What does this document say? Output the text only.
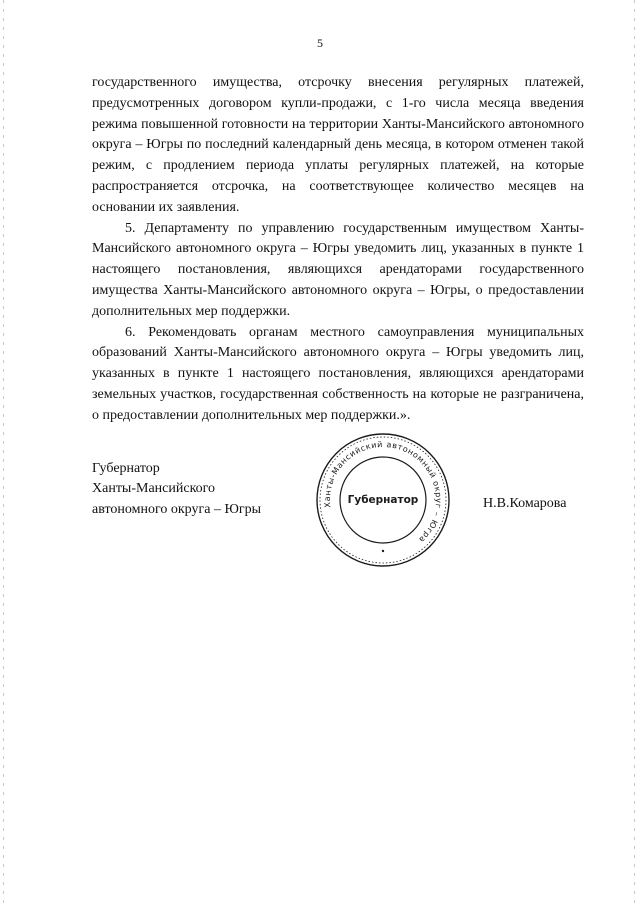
5

государственного имущества, отсрочку внесения регулярных платежей, предусмотренных договором купли-продажи, с 1-го числа месяца введения режима повышенной готовности на территории Ханты-Мансийского автономного округа – Югры по последний календарный день месяца, в котором отменен такой режим, с продлением периода уплаты регулярных платежей, на которые распространяется отсрочка, на соответствующее количество месяцев на основании их заявления.

5. Департаменту по управлению государственным имуществом Ханты-Мансийского автономного округа – Югры уведомить лиц, указанных в пункте 1 настоящего постановления, являющихся арендаторами государственного имущества Ханты-Мансийского автономного округа – Югры, о предоставлении дополнительных мер поддержки.

6. Рекомендовать органам местного самоуправления муниципальных образований Ханты-Мансийского автономного округа – Югры уведомить лиц, указанных в пункте 1 настоящего постановления, являющихся арендаторами земельных участков, государственная собственность на которые не разграничена, о предоставлении дополнительных мер поддержки.».

Губернатор
Ханты-Мансийского
автономного округа – Югры	Ханты-Мансийский автономный округ – Югра
Губернатор	Н.В.Комарова
